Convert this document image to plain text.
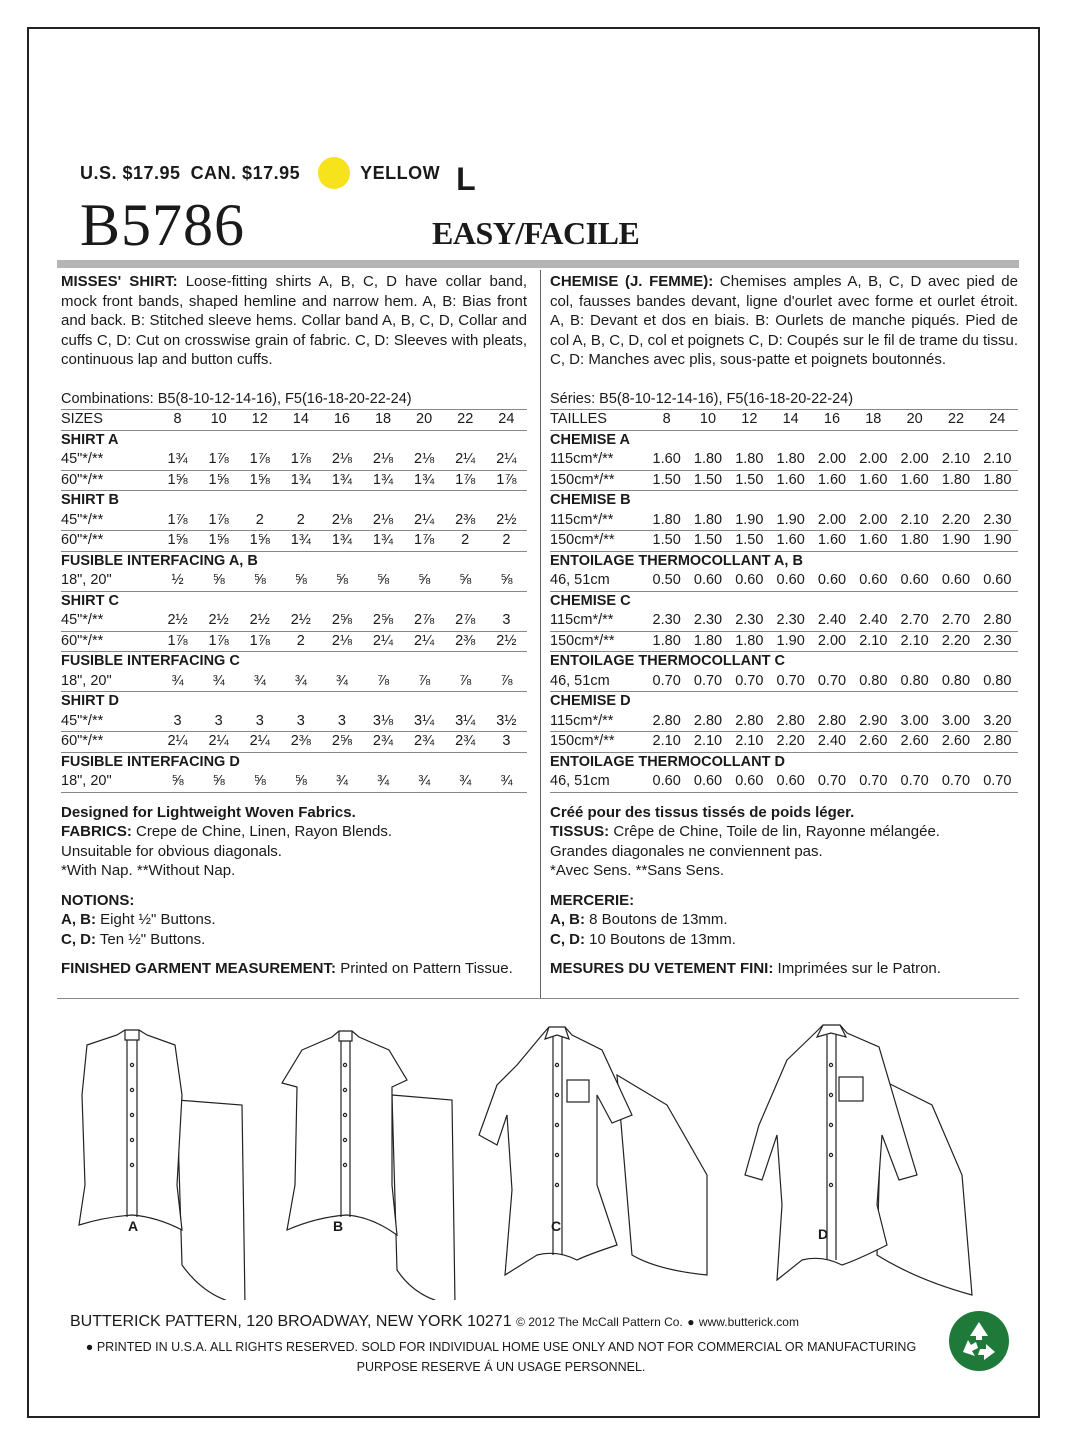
U.S. $17.95 CAN. $17.95	YELLOW L
B5786	EASY/FACILE
MISSES' SHIRT: Loose-fitting shirts A, B, C, D have collar band, mock front bands, shaped hemline and narrow hem. A, B: Bias front and back. B: Stitched sleeve hems. Collar band A, B, C, D, Collar and cuffs C, D: Cut on crosswise grain of fabric. C, D: Sleeves with pleats, continuous lap and button cuffs.
Combinations: B5(8-10-12-14-16), F5(16-18-20-22-24)									
SIZES	8	10	12	14	16	18	20	22	24
SHIRT A									
45"*/**	1¾	1⅞	1⅞	1⅞	2⅛	2⅛	2⅛	2¼	2¼
60"*/**	1⅝	1⅝	1⅝	1¾	1¾	1¾	1¾	1⅞	1⅞
SHIRT B									
45"*/**	1⅞	1⅞	2	2	2⅛	2⅛	2¼	2⅜	2½
60"*/**	1⅝	1⅝	1⅝	1¾	1¾	1¾	1⅞	2	2
FUSIBLE INTERFACING A, B									
18", 20"	½	⅝	⅝	⅝	⅝	⅝	⅝	⅝	⅝
SHIRT C									
45"*/**	2½	2½	2½	2½	2⅝	2⅝	2⅞	2⅞	3
60"*/**	1⅞	1⅞	1⅞	2	2⅛	2¼	2¼	2⅜	2½
FUSIBLE INTERFACING C									
18", 20"	¾	¾	¾	¾	¾	⅞	⅞	⅞	⅞
SHIRT D									
45"*/**	3	3	3	3	3	3⅛	3¼	3¼	3½
60"*/**	2¼	2¼	2¼	2⅜	2⅝	2¾	2¾	2¾	3
FUSIBLE INTERFACING D									
18", 20"	⅝	⅝	⅝	⅝	¾	¾	¾	¾	¾
Designed for Lightweight Woven Fabrics.
FABRICS: Crepe de Chine, Linen, Rayon Blends.
Unsuitable for obvious diagonals.
*With Nap. **Without Nap.
NOTIONS:
A, B: Eight ½" Buttons.
C, D: Ten ½" Buttons.
FINISHED GARMENT MEASUREMENT: Printed on Pattern Tissue.
CHEMISE (J. FEMME): Chemises amples A, B, C, D avec pied de col, fausses bandes devant, ligne d'ourlet avec forme et ourlet étroit. A, B: Devant et dos en biais. B: Ourlets de manche piqués. Pied de col A, B, C, D, col et poignets C, D: Coupés sur le fil de trame du tissu. C, D: Manches avec plis, sous-patte et poignets boutonnés.
Séries: B5(8-10-12-14-16), F5(16-18-20-22-24)									
TAILLES	8	10	12	14	16	18	20	22	24
CHEMISE A									
115cm*/**	1.60	1.80	1.80	1.80	2.00	2.00	2.00	2.10	2.10
150cm*/**	1.50	1.50	1.50	1.60	1.60	1.60	1.60	1.80	1.80
CHEMISE B									
115cm*/**	1.80	1.80	1.90	1.90	2.00	2.00	2.10	2.20	2.30
150cm*/**	1.50	1.50	1.50	1.60	1.60	1.60	1.80	1.90	1.90
ENTOILAGE THERMOCOLLANT A, B									
46, 51cm	0.50	0.60	0.60	0.60	0.60	0.60	0.60	0.60	0.60
CHEMISE C									
115cm*/**	2.30	2.30	2.30	2.30	2.40	2.40	2.70	2.70	2.80
150cm*/**	1.80	1.80	1.80	1.90	2.00	2.10	2.10	2.20	2.30
ENTOILAGE THERMOCOLLANT C									
46, 51cm	0.70	0.70	0.70	0.70	0.70	0.80	0.80	0.80	0.80
CHEMISE D									
115cm*/**	2.80	2.80	2.80	2.80	2.80	2.90	3.00	3.00	3.20
150cm*/**	2.10	2.10	2.10	2.20	2.40	2.60	2.60	2.60	2.80
ENTOILAGE THERMOCOLLANT D									
46, 51cm	0.60	0.60	0.60	0.60	0.70	0.70	0.70	0.70	0.70
Créé pour des tissus tissés de poids léger.
TISSUS: Crêpe de Chine, Toile de lin, Rayonne mélangée.
Grandes diagonales ne conviennent pas.
*Avec Sens. **Sans Sens.
MERCERIE:
A, B: 8 Boutons de 13mm.
C, D: 10 Boutons de 13mm.
MESURES DU VETEMENT FINI: Imprimées sur le Patron.
A	B	C	D
BUTTERICK PATTERN, 120 BROADWAY, NEW YORK 10271 © 2012 The McCall Pattern Co. ● www.butterick.com
● PRINTED IN U.S.A. ALL RIGHTS RESERVED. SOLD FOR INDIVIDUAL HOME USE ONLY AND NOT FOR COMMERCIAL OR MANUFACTURING
PURPOSE RESERVE Á UN USAGE PERSONNEL.
